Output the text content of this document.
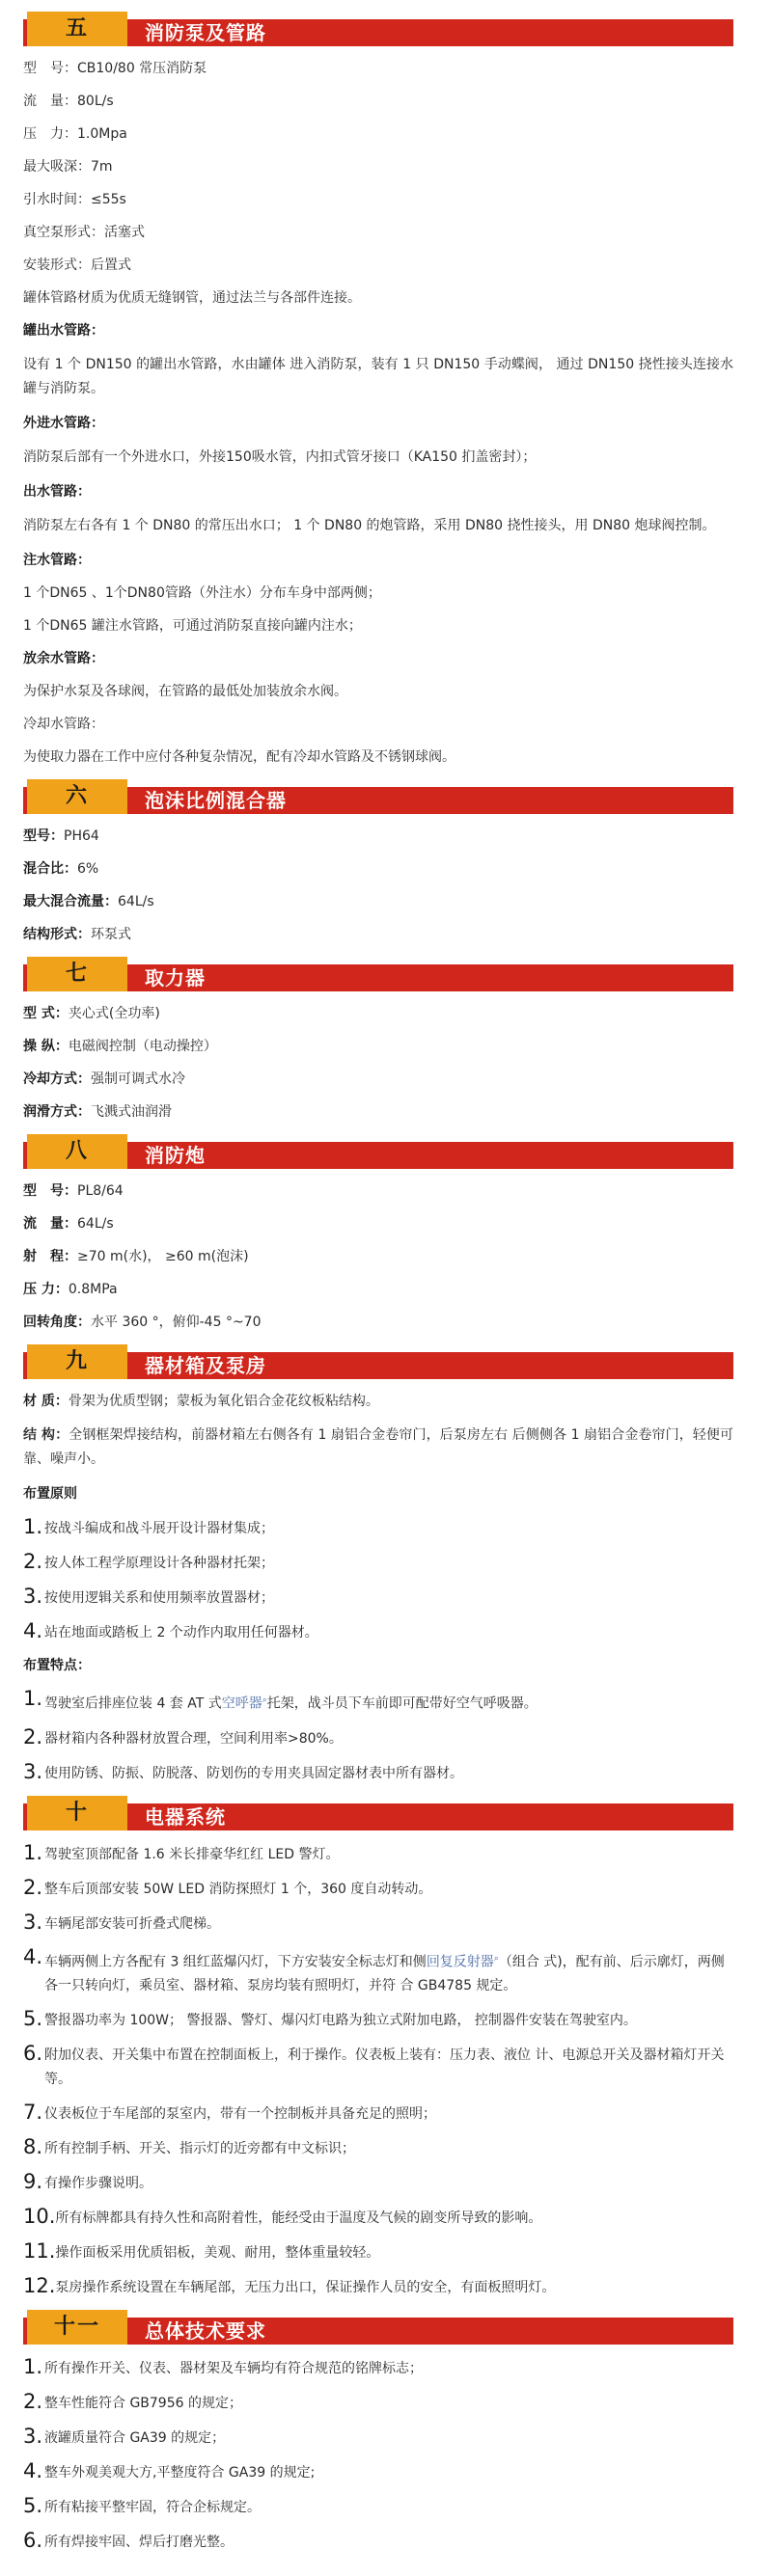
五	消防泵及管路
型　号：CB10/80 常压消防泵
流　量：80L/s
压　力：1.0Mpa
最大吸深：7m
引水时间：≤55s
真空泵形式：活塞式
安装形式：后置式
罐体管路材质为优质无缝钢管，通过法兰与各部件连接。
罐出水管路：
设有 1 个 DN150 的罐出水管路，水由罐体 进入消防泵，装有 1 只 DN150 手动蝶阀， 通过 DN150 挠性接头连接水罐与消防泵。
外进水管路：
消防泵后部有一个外进水口，外接150吸水管，内扣式管牙接口（KA150 扪盖密封）；
出水管路：
消防泵左右各有 1 个 DN80 的常压出水口； 1 个 DN80 的炮管路，采用 DN80 挠性接头，用 DN80 炮球阀控制。
注水管路：
1 个DN65 、1个DN80管路（外注水）分布车身中部两侧；
1 个DN65 罐注水管路，可通过消防泵直接向罐内注水；
放余水管路：
为保护水泵及各球阀，在管路的最低处加装放余水阀。
冷却水管路：
为使取力器在工作中应付各种复杂情况，配有冷却水管路及不锈钢球阀。
六	泡沫比例混合器
型号：PH64
混合比：6%
最大混合流量：64L/s
结构形式：环泵式
七	取力器
型 式：夹心式(全功率)
操 纵：电磁阀控制（电动操控）
冷却方式：强制可调式水冷
润滑方式：飞溅式油润滑
八	消防炮
型　号：PL8/64
流　量：64L/s
射　程：≥70 m(水)， ≥60 m(泡沫)
压 力：0.8MPa
回转角度：水平 360 °，俯仰-45 °~70
九	器材箱及泵房
材 质：骨架为优质型钢；蒙板为氧化铝合金花纹板粘结构。
结 构：全钢框架焊接结构，前器材箱左右侧各有 1 扇铝合金卷帘门，后泵房左右 后侧侧各 1 扇铝合金卷帘门，轻便可靠、噪声小。
布置原则
1. 按战斗编成和战斗展开设计器材集成；
2. 按人体工程学原理设计各种器材托架；
3. 按使用逻辑关系和使用频率放置器材；
4. 站在地面或踏板上 2 个动作内取用任何器材。
布置特点：
1. 驾驶室后排座位装 4 套 AT 式空呼器⌕托架，战斗员下车前即可配带好空气呼吸器。
2. 器材箱内各种器材放置合理，空间利用率>80%。
3. 使用防锈、防振、防脱落、防划伤的专用夹具固定器材表中所有器材。
十	电器系统
1. 驾驶室顶部配备 1.6 米长排豪华红红 LED 警灯。
2. 整车后顶部安装 50W LED 消防探照灯 1 个，360 度自动转动。
3. 车辆尾部安装可折叠式爬梯。
4. 车辆两侧上方各配有 3 组红蓝爆闪灯，下方安装安全标志灯和侧回复反射器⌕（组合 式)，配有前、后示廓灯，两侧各一只转向灯，乘员室、器材箱、泵房均装有照明灯，并符 合 GB4785 规定。
5. 警报器功率为 100W； 警报器、警灯、爆闪灯电路为独立式附加电路， 控制器件安装在驾驶室内。
6. 附加仪表、开关集中布置在控制面板上，利于操作。仪表板上装有：压力表、液位 计、电源总开关及器材箱灯开关等。
7. 仪表板位于车尾部的泵室内，带有一个控制板并具备充足的照明；
8. 所有控制手柄、开关、指示灯的近旁都有中文标识；
9. 有操作步骤说明。
10. 所有标牌都具有持久性和高附着性，能经受由于温度及气候的剧变所导致的影响。
11. 操作面板采用优质铝板，美观、耐用，整体重量较轻。
12. 泵房操作系统设置在车辆尾部，无压力出口，保证操作人员的安全，有面板照明灯。
十一	总体技术要求
1. 所有操作开关、仪表、器材架及车辆均有符合规范的铭牌标志；
2. 整车性能符合 GB7956 的规定；
3. 液罐质量符合 GA39 的规定；
4. 整车外观美观大方,平整度符合 GA39 的规定;
5. 所有粘接平整牢固，符合企标规定。
6. 所有焊接牢固、焊后打磨光整。
